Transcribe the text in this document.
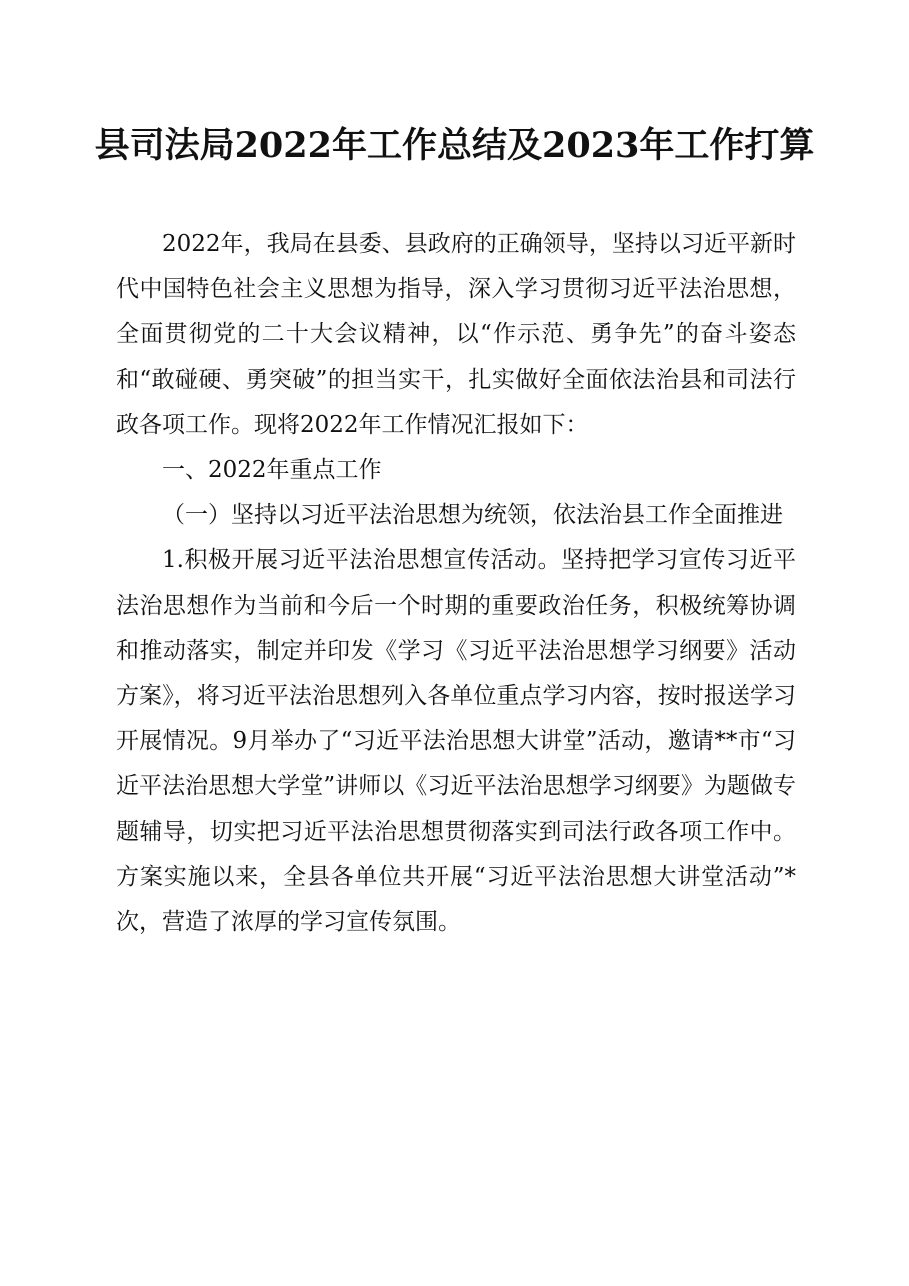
县司法局2022年工作总结及2023年工作打算

2022年，我局在县委、县政府的正确领导，坚持以习近平新时代中国特色社会主义思想为指导，深入学习贯彻习近平法治思想，全面贯彻党的二十大会议精神，以“作示范、勇争先”的奋斗姿态和“敢碰硬、勇突破”的担当实干，扎实做好全面依法治县和司法行政各项工作。现将2022年工作情况汇报如下：

一、2022年重点工作

（一）坚持以习近平法治思想为统领，依法治县工作全面推进

1.积极开展习近平法治思想宣传活动。坚持把学习宣传习近平法治思想作为当前和今后一个时期的重要政治任务，积极统筹协调和推动落实，制定并印发《学习《习近平法治思想学习纲要》活动方案》，将习近平法治思想列入各单位重点学习内容，按时报送学习开展情况。9月举办了“习近平法治思想大讲堂”活动，邀请**市“习近平法治思想大学堂”讲师以《习近平法治思想学习纲要》为题做专题辅导，切实把习近平法治思想贯彻落实到司法行政各项工作中。方案实施以来，全县各单位共开展“习近平法治思想大讲堂活动”*次，营造了浓厚的学习宣传氛围。
